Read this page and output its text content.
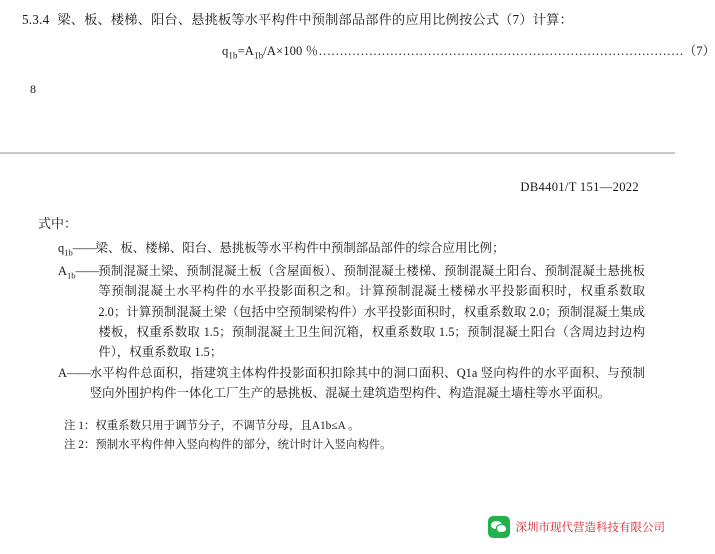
5.3.4 梁、板、楼梯、阳台、悬挑板等水平构件中预制部品部件的应用比例按公式（7）计算：
$q_{1b}=A_{1b}/A\times 100$ ％……………………………………………………………………………（7）
8
DB4401/T 151—2022
式中：
$q_{1b}$ —— 梁、板、楼梯、阳台、悬挑板等水平构件中预制部品部件的综合应用比例；
$A_{1b}$ —— 预制混凝土梁、预制混凝土板（含屋面板）、预制混凝土楼梯、预制混凝土阳台、预制混凝土悬挑板等预制混凝土水平构件的水平投影面积之和。计算预制混凝土楼梯水平投影面积时，权重系数取 2.0；计算预制混凝土梁（包括中空预制梁构件）水平投影面积时，权重系数取 2.0；预制混凝土集成楼板，权重系数取 1.5；预制混凝土卫生间沉箱，权重系数取 1.5；预制混凝土阳台（含周边封边构件），权重系数取 1.5；
A —— 水平构件总面积，指建筑主体构件投影面积扣除其中的洞口面积、Q1a 竖向构件的水平面积、与预制竖向外围护构件一体化工厂生产的悬挑板、混凝土建筑造型构件、构造混凝土墙柱等水平面积。
注 1： 权重系数只用于调节分子，不调节分母，且A1b≤A 。
注 2： 预制水平构件伸入竖向构件的部分，统计时计入竖向构件。
深圳市现代营造科技有限公司
